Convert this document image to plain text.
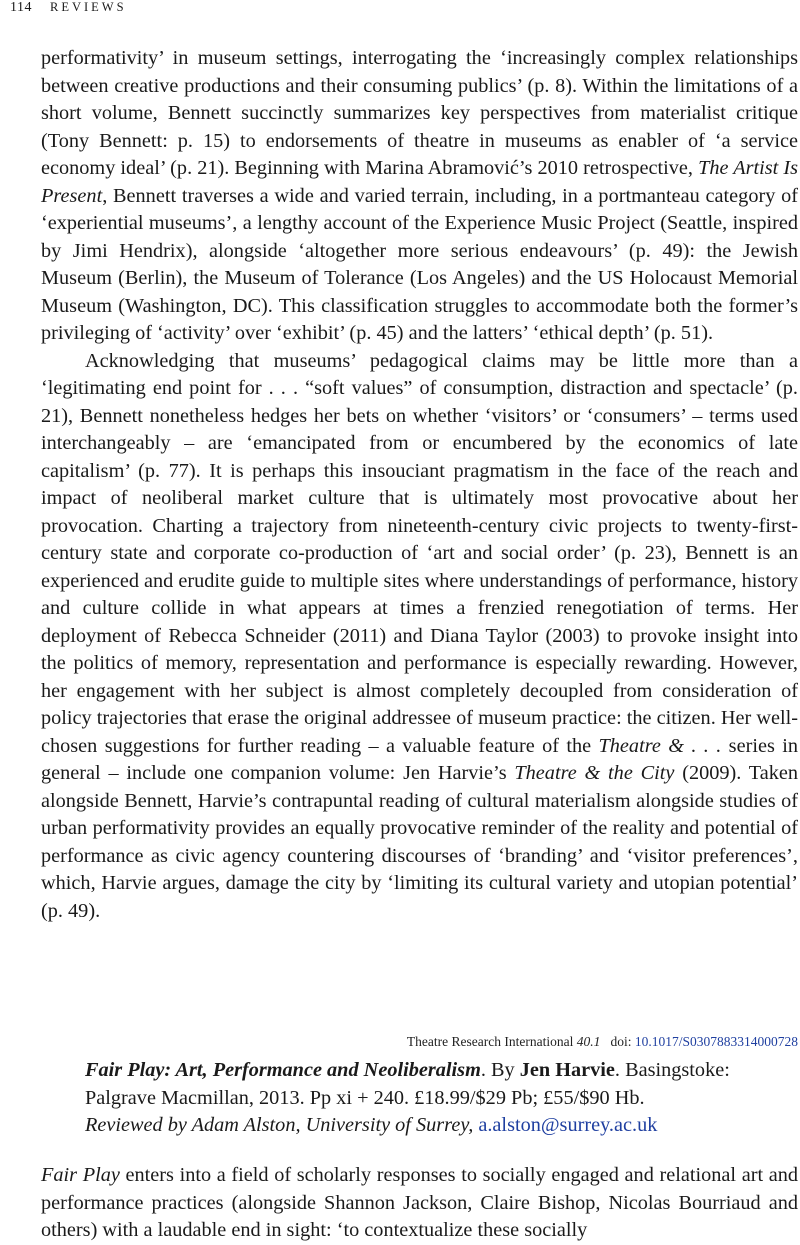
114 REVIEWS

performativity’ in museum settings, interrogating the ‘increasingly complex relationships between creative productions and their consuming publics’ (p. 8). Within the limitations of a short volume, Bennett succinctly summarizes key perspectives from materialist critique (Tony Bennett: p. 15) to endorsements of theatre in museums as enabler of ‘a service economy ideal’ (p. 21). Beginning with Marina Abramović’s 2010 retrospective, The Artist Is Present, Bennett traverses a wide and varied terrain, including, in a portmanteau category of ‘experiential museums’, a lengthy account of the Experience Music Project (Seattle, inspired by Jimi Hendrix), alongside ‘altogether more serious endeavours’ (p. 49): the Jewish Museum (Berlin), the Museum of Tolerance (Los Angeles) and the US Holocaust Memorial Museum (Washington, DC). This classification struggles to accommodate both the former’s privileging of ‘activity’ over ‘exhibit’ (p. 45) and the latters’ ‘ethical depth’ (p. 51).

Acknowledging that museums’ pedagogical claims may be little more than a ‘legitimating end point for . . . “soft values” of consumption, distraction and spectacle’ (p. 21), Bennett nonetheless hedges her bets on whether ‘visitors’ or ‘consumers’ – terms used interchangeably – are ‘emancipated from or encumbered by the economics of late capitalism’ (p. 77). It is perhaps this insouciant pragmatism in the face of the reach and impact of neoliberal market culture that is ultimately most provocative about her provocation. Charting a trajectory from nineteenth-century civic projects to twenty-first-century state and corporate co-production of ‘art and social order’ (p. 23), Bennett is an experienced and erudite guide to multiple sites where understandings of performance, history and culture collide in what appears at times a frenzied renegotiation of terms. Her deployment of Rebecca Schneider (2011) and Diana Taylor (2003) to provoke insight into the politics of memory, representation and performance is especially rewarding. However, her engagement with her subject is almost completely decoupled from consideration of policy trajectories that erase the original addressee of museum practice: the citizen. Her well-chosen suggestions for further reading – a valuable feature of the Theatre & . . . series in general – include one companion volume: Jen Harvie’s Theatre & the City (2009). Taken alongside Bennett, Harvie’s contrapuntal reading of cultural materialism alongside studies of urban performativity provides an equally provocative reminder of the reality and potential of performance as civic agency countering discourses of ‘branding’ and ‘visitor preferences’, which, Harvie argues, damage the city by ‘limiting its cultural variety and utopian potential’ (p. 49).

Theatre Research International 40.1 doi: 10.1017/S0307883314000728
Fair Play: Art, Performance and Neoliberalism. By Jen Harvie. Basingstoke: Palgrave Macmillan, 2013. Pp xi + 240. £18.99/$29 Pb; £55/$90 Hb.
Reviewed by Adam Alston, University of Surrey, a.alston@surrey.ac.uk

Fair Play enters into a field of scholarly responses to socially engaged and relational art and performance practices (alongside Shannon Jackson, Claire Bishop, Nicolas Bourriaud and others) with a laudable end in sight: ‘to contextualize these socially
